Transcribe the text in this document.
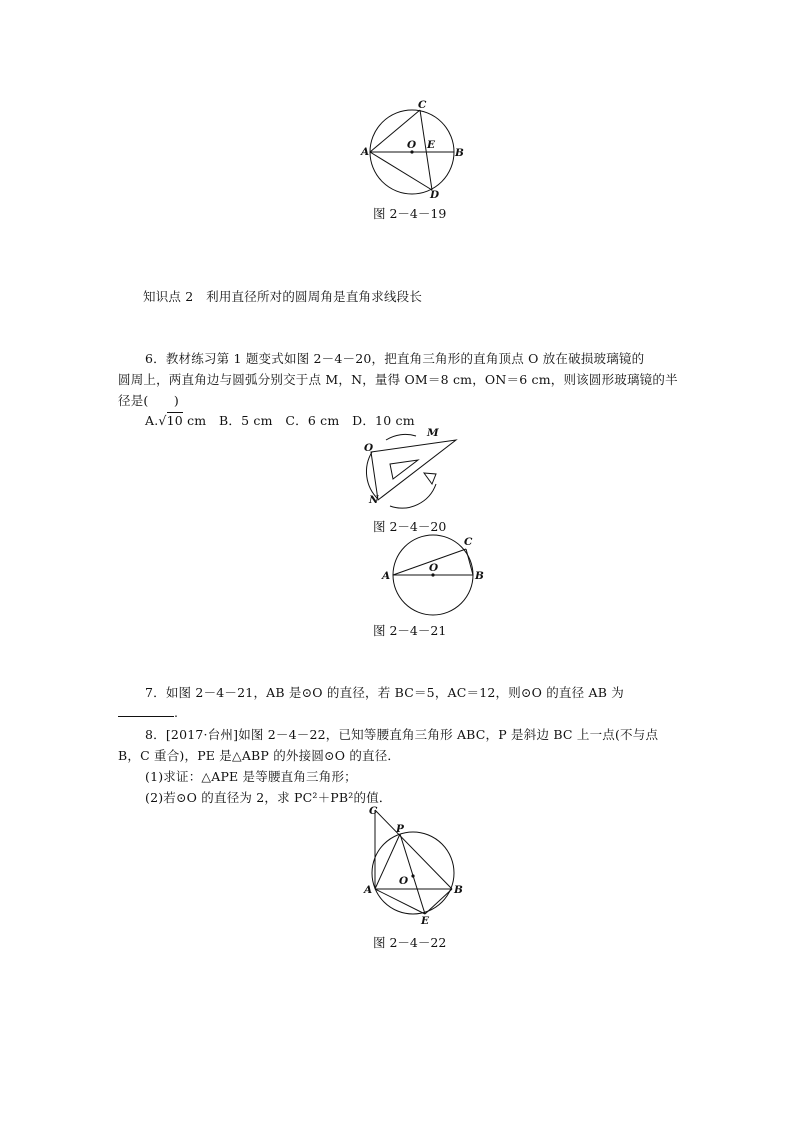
C
A
O E
B
D
图 2－4－19
知识点 2　 利用直径所对的圆周角是直角求线段长
6．教材练习第 1 题变式如图 2－4－20，把直角三角形的直角顶点 O 放在破损玻璃镜的
圆周上，两直角边与圆弧分别交于点 M，N，量得 OM＝8 cm，ON＝6 cm，则该圆形玻璃镜的半
径是(　　)
A.√10 cm　B．5 cm　C．6 cm　D．10 cm
O
M
N
图 2－4－20
A
O
C
B
图 2－4－21
7．如图 2－4－21，AB 是⊙O 的直径，若 BC＝5，AC＝12，则⊙O 的直径 AB 为
.
8．[2017·台州]如图 2－4－22，已知等腰直角三角形 ABC，P 是斜边 BC 上一点(不与点
B，C 重合)，PE 是△ABP 的外接圆⊙O 的直径．
(1)求证：△APE 是等腰直角三角形；
(2)若⊙O 的直径为 2，求 PC²＋PB²的值．
C
P
O
A	B
E
图 2－4－22
